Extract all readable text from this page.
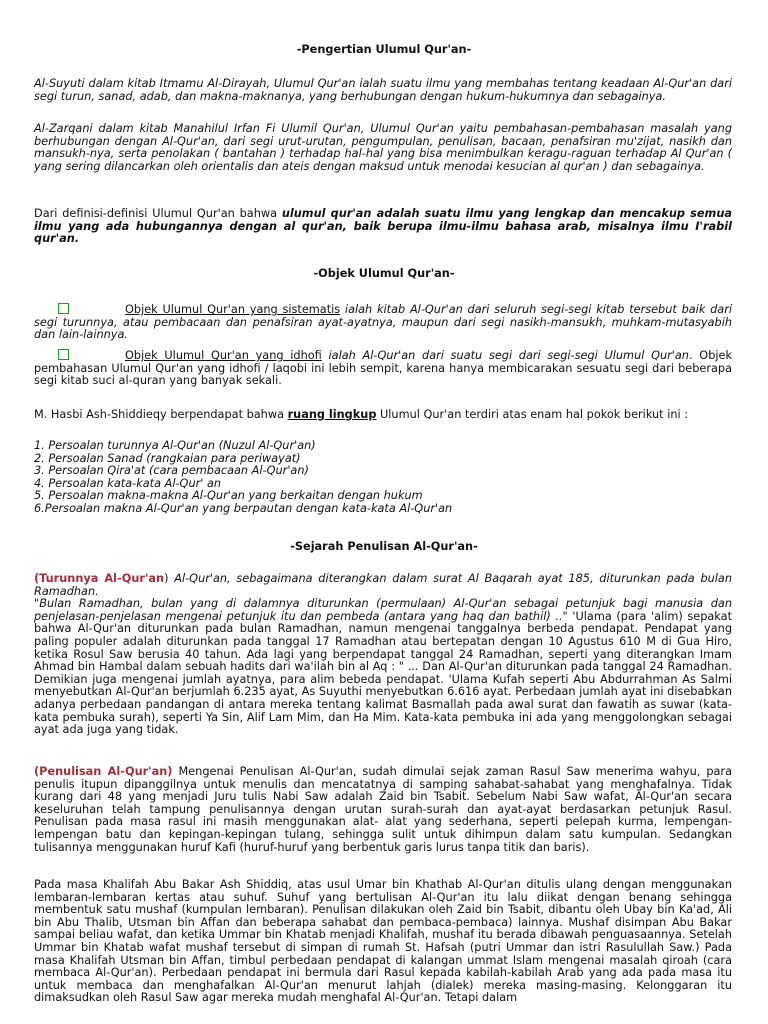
-Pengertian Ulumul Qur'an-

Al-Suyuti dalam kitab Itmamu Al-Dirayah, Ulumul Qur'an ialah suatu ilmu yang membahas tentang keadaan Al-Qur'an dari segi turun, sanad, adab, dan makna-maknanya, yang berhubungan dengan hukum-hukumnya dan sebagainya.

Al-Zarqani dalam kitab Manahilul Irfan Fi Ulumil Qur'an, Ulumul Qur'an yaitu pembahasan-pembahasan masalah yang berhubungan dengan Al-Qur'an, dari segi urut-urutan, pengumpulan, penulisan, bacaan, penafsiran mu'zijat, nasikh dan mansukh-nya, serta penolakan ( bantahan ) terhadap hal-hal yang bisa menimbulkan keragu-raguan terhadap Al Qur'an ( yang sering dilancarkan oleh orientalis dan ateis dengan maksud untuk menodai kesucian al qur'an ) dan sebagainya.

Dari definisi-definisi Ulumul Qur'an bahwa ulumul qur'an adalah suatu ilmu yang lengkap dan mencakup semua ilmu yang ada hubungannya dengan al qur'an, baik berupa ilmu-ilmu bahasa arab, misalnya ilmu I'rabil qur'an.

-Objek Ulumul Qur'an-

Objek Ulumul Qur'an yang sistematis ialah kitab Al-Qur'an dari seluruh segi-segi kitab tersebut baik dari segi turunnya, atau pembacaan dan penafsiran ayat-ayatnya, maupun dari segi nasikh-mansukh, muhkam-mutasyabih dan lain-lainnya.

Objek Ulumul Qur'an yang idhofi ialah Al-Qur'an dari suatu segi dari segi-segi Ulumul Qur'an. Objek pembahasan Ulumul Qur'an yang idhofi / laqobi ini lebih sempit, karena hanya membicarakan sesuatu segi dari beberapa segi kitab suci al-quran yang banyak sekali.

M. Hasbi Ash-Shiddieqy berpendapat bahwa ruang lingkup Ulumul Qur'an terdiri atas enam hal pokok berikut ini :

1. Persoalan turunnya Al-Qur'an (Nuzul Al-Qur'an)
2. Persoalan Sanad (rangkaian para periwayat)
3. Persoalan Qira'at (cara pembacaan Al-Qur'an)
4. Persoalan kata-kata Al-Qur' an
5. Persoalan makna-makna Al-Qur'an yang berkaitan dengan hukum
6.Persoalan makna Al-Qur'an yang berpautan dengan kata-kata Al-Qur'an

-Sejarah Penulisan Al-Qur'an-

(Turunnya Al-Qur'an) Al-Qur'an, sebagaimana diterangkan dalam surat Al Baqarah ayat 185, diturunkan pada bulan Ramadhan.
"Bulan Ramadhan, bulan yang di dalamnya diturunkan (permulaan) Al-Qur'an sebagai petunjuk bagi manusia dan penjelasan-penjelasan mengenai petunjuk itu dan pembeda (antara yang haq dan bathil) .." 'Ulama (para 'alim) sepakat bahwa Al-Qur'an diturunkan pada bulan Ramadhan, namun mengenai tanggalnya berbeda pendapat. Pendapat yang paling populer adalah diturunkan pada tanggal 17 Ramadhan atau bertepatan dengan 10 Agustus 610 M di Gua Hiro, ketika Rosul Saw berusia 40 tahun. Ada lagi yang berpendapat tanggal 24 Ramadhan, seperti yang diterangkan Imam Ahmad bin Hambal dalam sebuah hadits dari wa'ilah bin al Aq : " ... Dan Al-Qur'an diturunkan pada tanggal 24 Ramadhan. Demikian juga mengenai jumlah ayatnya, para alim bebeda pendapat. 'Ulama Kufah seperti Abu Abdurrahman As Salmi menyebutkan Al-Qur'an berjumlah 6.235 ayat, As Suyuthi menyebutkan 6.616 ayat. Perbedaan jumlah ayat ini disebabkan adanya perbedaan pandangan di antara mereka tentang kalimat Basmallah pada awal surat dan fawatih as suwar (kata-kata pembuka surah), seperti Ya Sin, Alif Lam Mim, dan Ha Mim. Kata-kata pembuka ini ada yang menggolongkan sebagai ayat ada juga yang tidak.

(Penulisan Al-Qur'an) Mengenai Penulisan Al-Qur'an, sudah dimulai sejak zaman Rasul Saw menerima wahyu, para penulis itupun dipanggilnya untuk menulis dan mencatatnya di samping sahabat-sahabat yang menghafalnya. Tidak kurang dari 48 yang menjadi Juru tulis Nabi Saw adalah Zaid bin Tsabit. Sebelum Nabi Saw wafat, Al-Qur'an secara keseluruhan telah tampung penulisannya dengan urutan surah-surah dan ayat-ayat berdasarkan petunjuk Rasul. Penulisan pada masa rasul ini masih menggunakan alat- alat yang sederhana, seperti pelepah kurma, lempengan-lempengan batu dan kepingan-kepingan tulang, sehingga sulit untuk dihimpun dalam satu kumpulan. Sedangkan tulisannya menggunakan huruf Kafi (huruf-huruf yang berbentuk garis lurus tanpa titik dan baris).

Pada masa Khalifah Abu Bakar Ash Shiddiq, atas usul Umar bin Khathab Al-Qur'an ditulis ulang dengan menggunakan lembaran-lembaran kertas atau suhuf. Suhuf yang bertulisan Al-Qur'an itu lalu diikat dengan benang sehingga membentuk satu mushaf (kumpulan lembaran). Penulisan dilakukan oleh Zaid bin Tsabit, dibantu oleh Ubay bin Ka'ad, Ali bin Abu Thalib, Utsman bin Affan dan beberapa sahabat dan pembaca-pembaca) lainnya. Mushaf disimpan Abu Bakar sampai beliau wafat, dan ketika Ummar bin Khatab menjadi Khalifah, mushaf itu berada dibawah penguasaannya. Setelah Ummar bin Khatab wafat mushaf tersebut di simpan di rumah St. Hafsah (putri Ummar dan istri Rasulullah Saw.) Pada masa Khalifah Utsman bin Affan, timbul perbedaan pendapat di kalangan ummat Islam mengenai masalah qiroah (cara membaca Al-Qur'an). Perbedaan pendapat ini bermula dari Rasul kepada kabilah-kabilah Arab yang ada pada masa itu untuk membaca dan menghafalkan Al-Qur'an menurut lahjah (dialek) mereka masing-masing. Kelonggaran itu dimaksudkan oleh Rasul Saw agar mereka mudah menghafal Al-Qur'an. Tetapi dalam
